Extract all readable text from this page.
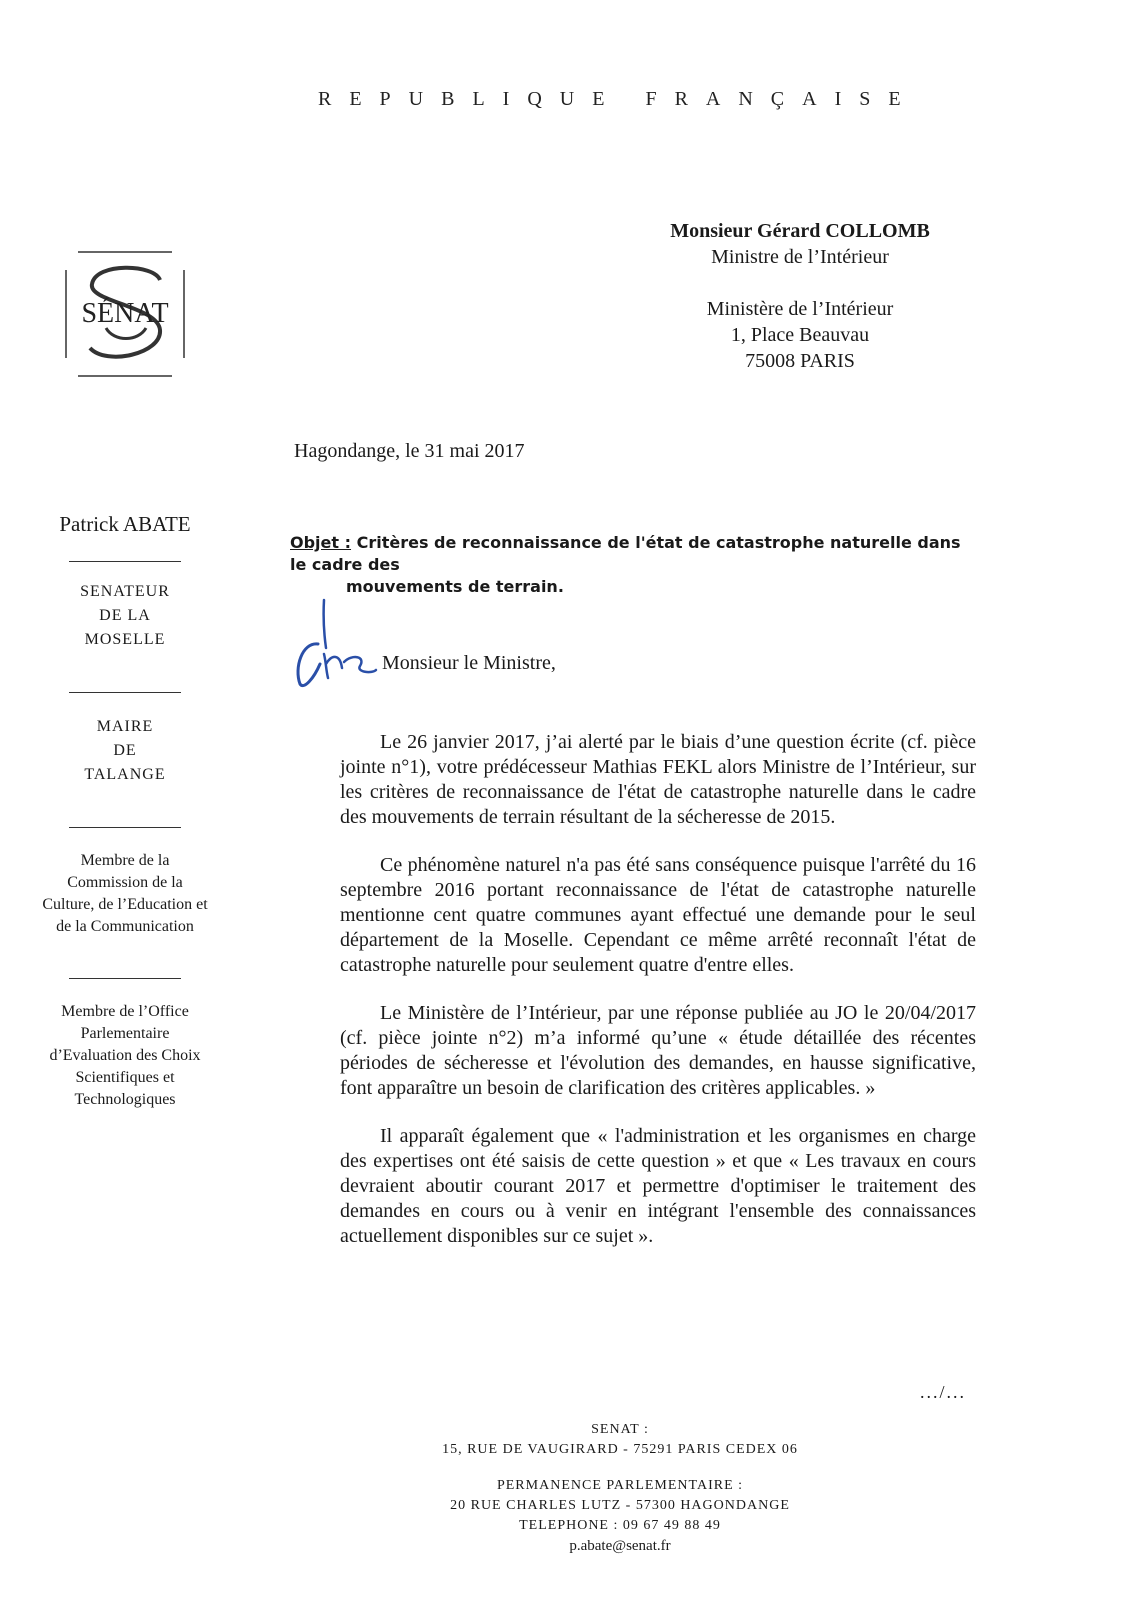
REPUBLIQUE FRANÇAISE
Monsieur Gérard COLLOMB
Ministre de l’Intérieur
Ministère de l’Intérieur
1, Place Beauvau
75008 PARIS
SÉNAT
Hagondange, le 31 mai 2017
Patrick ABATE
SENATEUR
DE LA
MOSELLE
MAIRE
DE
TALANGE
Membre de la
Commission de la
Culture, de l’Education et
de la Communication
Membre de l’Office
Parlementaire
d’Evaluation des Choix
Scientifiques et
Technologiques
Objet : Critères de reconnaissance de l'état de catastrophe naturelle dans le cadre des
mouvements de terrain.
Monsieur le Ministre,

Le 26 janvier 2017, j’ai alerté par le biais d’une question écrite (cf. pièce jointe n°1), votre prédécesseur Mathias FEKL alors Ministre de l’Intérieur, sur les critères de reconnaissance de l'état de catastrophe naturelle dans le cadre des mouvements de terrain résultant de la sécheresse de 2015.

Ce phénomène naturel n'a pas été sans conséquence puisque l'arrêté du 16 septembre 2016 portant reconnaissance de l'état de catastrophe naturelle mentionne cent quatre communes ayant effectué une demande pour le seul département de la Moselle. Cependant ce même arrêté reconnaît l'état de catastrophe naturelle pour seulement quatre d'entre elles.

Le Ministère de l’Intérieur, par une réponse publiée au JO le 20/04/2017 (cf. pièce jointe n°2) m’a informé qu’une « étude détaillée des récentes périodes de sécheresse et l'évolution des demandes, en hausse significative, font apparaître un besoin de clarification des critères applicables. »

Il apparaît également que « l'administration et les organismes en charge des expertises ont été saisis de cette question » et que « Les travaux en cours devraient aboutir courant 2017 et permettre d'optimiser le traitement des demandes en cours ou à venir en intégrant l'ensemble des connaissances actuellement disponibles sur ce sujet ».

.../...
SENAT :
15, RUE DE VAUGIRARD - 75291 PARIS CEDEX 06
PERMANENCE PARLEMENTAIRE :
20 RUE CHARLES LUTZ - 57300 HAGONDANGE
TELEPHONE : 09 67 49 88 49
p.abate@senat.fr
